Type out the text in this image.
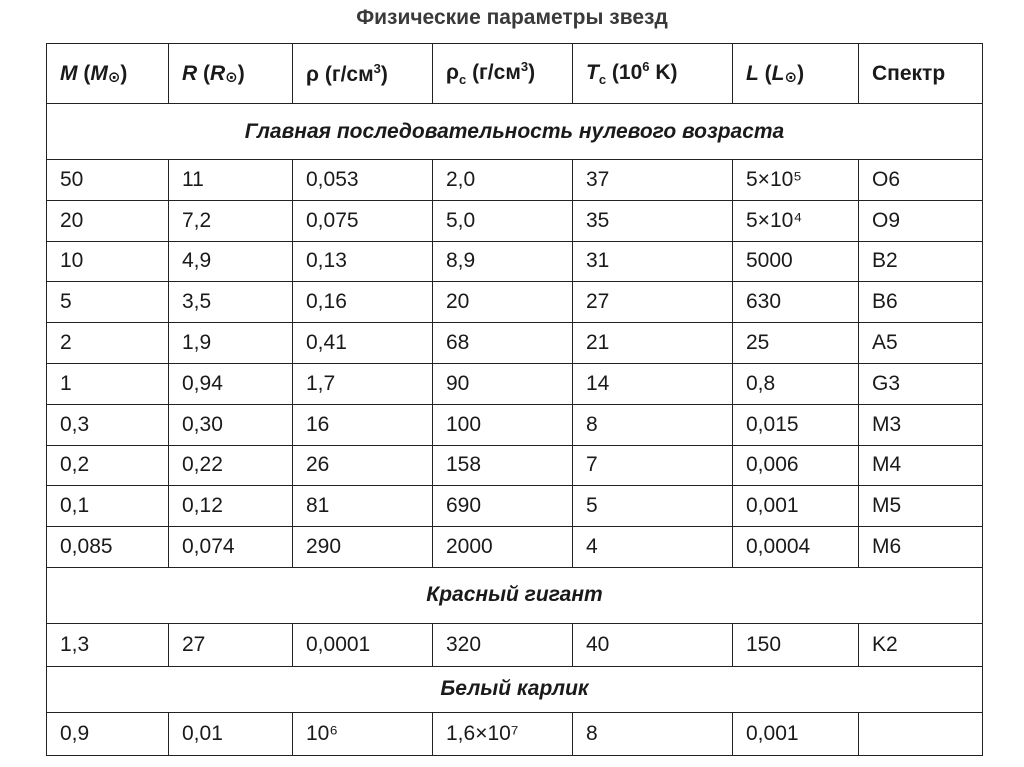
Физические параметры звезд
M $(M_⊙)$	R $(R_⊙)$	ρ $(г/см^3)$	$\rho_c$ $(г/см^3)$	$T_c$ ($10^6$ K)	L $(L_⊙)$	Спектр
Главная последовательность нулевого возраста						
50	11	0,053	2,0	37	5×10⁵	O6
20	7,2	0,075	5,0	35	5×10⁴	O9
10	4,9	0,13	8,9	31	5000	B2
5	3,5	0,16	20	27	630	B6
2	1,9	0,41	68	21	25	A5
1	0,94	1,7	90	14	0,8	G3
0,3	0,30	16	100	8	0,015	M3
0,2	0,22	26	158	7	0,006	M4
0,1	0,12	81	690	5	0,001	M5
0,085	0,074	290	2000	4	0,0004	M6
Красный гигант						
1,3	27	0,0001	320	40	150	K2
Белый карлик						
0,9	0,01	10⁶	1,6×10⁷	8	0,001	
